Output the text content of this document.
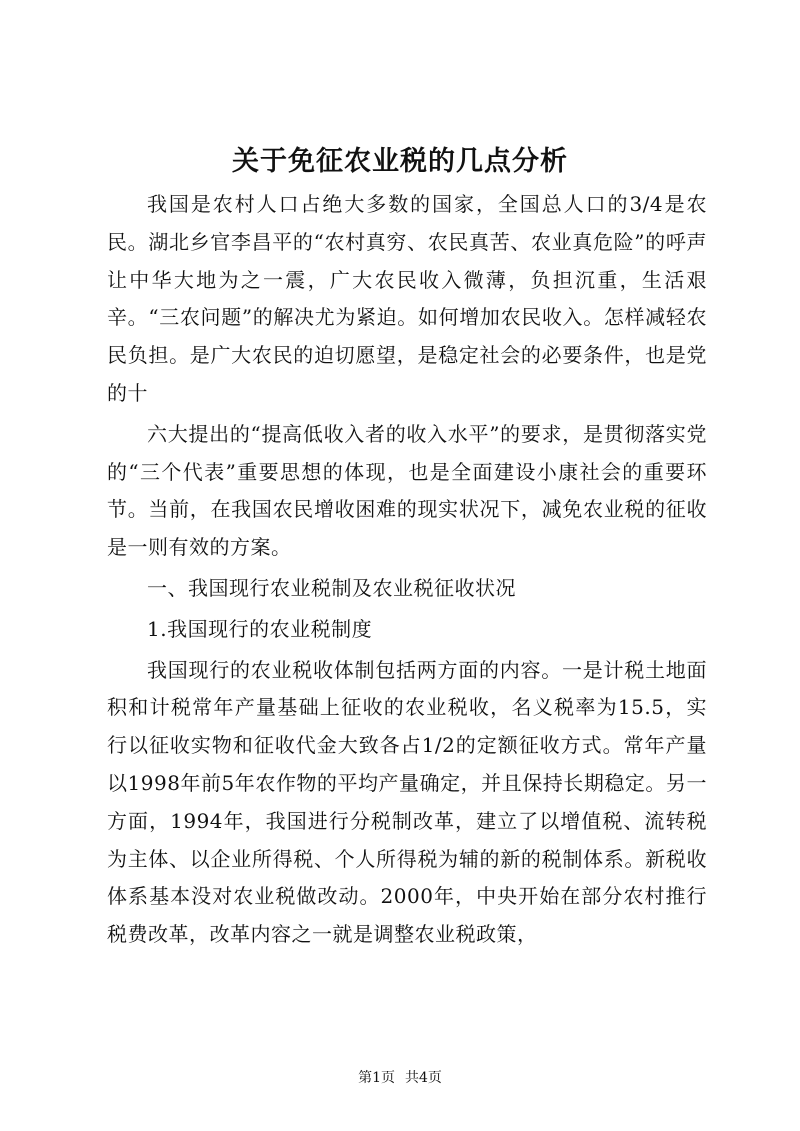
关于免征农业税的几点分析

我国是农村人口占绝大多数的国家，全国总人口的3/4是农民。湖北乡官李昌平的“农村真穷、农民真苦、农业真危险”的呼声让中华大地为之一震，广大农民收入微薄，负担沉重，生活艰辛。“三农问题”的解决尤为紧迫。如何增加农民收入。怎样减轻农民负担。是广大农民的迫切愿望，是稳定社会的必要条件，也是党的十

六大提出的“提高低收入者的收入水平”的要求，是贯彻落实党的“三个代表”重要思想的体现，也是全面建设小康社会的重要环节。当前，在我国农民增收困难的现实状况下，减免农业税的征收是一则有效的方案。

一、我国现行农业税制及农业税征收状况

1.我国现行的农业税制度

我国现行的农业税收体制包括两方面的内容。一是计税土地面积和计税常年产量基础上征收的农业税收，名义税率为15.5，实行以征收实物和征收代金大致各占1/2的定额征收方式。常年产量以1998年前5年农作物的平均产量确定，并且保持长期稳定。另一方面，1994年，我国进行分税制改革，建立了以增值税、流转税为主体、以企业所得税、个人所得税为辅的新的税制体系。新税收体系基本没对农业税做改动。2000年，中央开始在部分农村推行税费改革，改革内容之一就是调整农业税政策，

第1页 共4页
